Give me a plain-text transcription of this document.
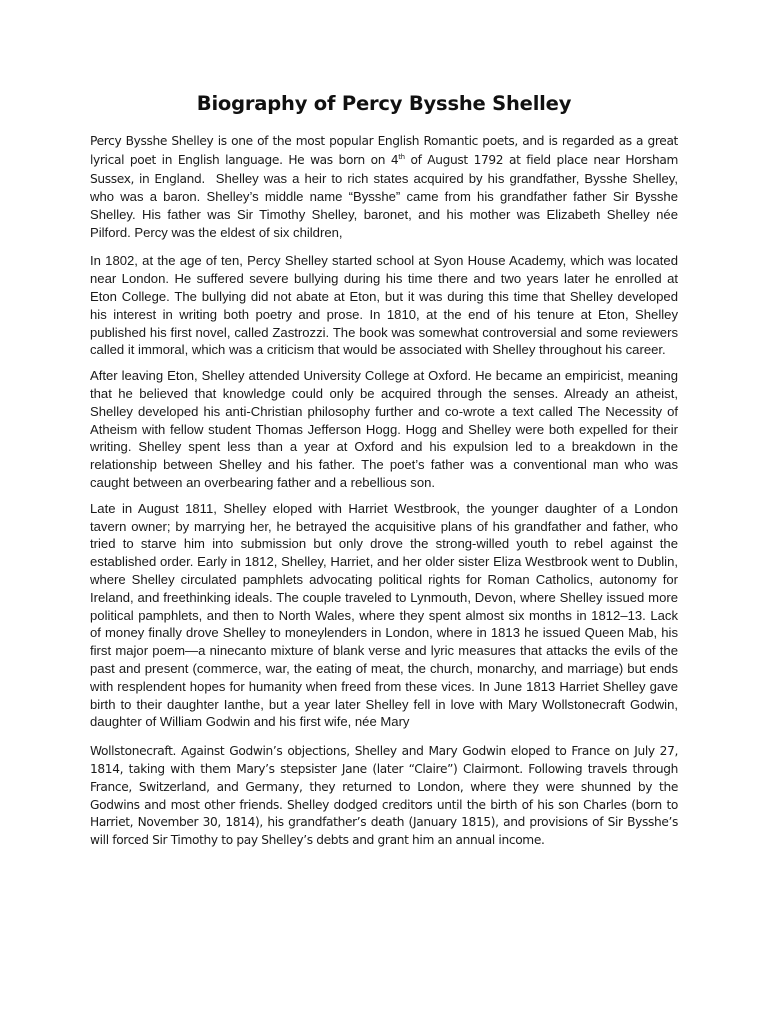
Biography of Percy Bysshe Shelley

Percy Bysshe Shelley is one of the most popular English Romantic poets, and is regarded as a great lyrical poet in English language. He was born on 4th of August 1792 at field place near Horsham Sussex, in England. Shelley was a heir to rich states acquired by his grandfather, Bysshe Shelley, who was a baron. Shelley’s middle name “Bysshe” came from his grandfather father Sir Bysshe Shelley. His father was Sir Timothy Shelley, baronet, and his mother was Elizabeth Shelley née Pilford. Percy was the eldest of six children,

In 1802, at the age of ten, Percy Shelley started school at Syon House Academy, which was located near London. He suffered severe bullying during his time there and two years later he enrolled at Eton College. The bullying did not abate at Eton, but it was during this time that Shelley developed his interest in writing both poetry and prose. In 1810, at the end of his tenure at Eton, Shelley published his first novel, called Zastrozzi. The book was somewhat controversial and some reviewers called it immoral, which was a criticism that would be associated with Shelley throughout his career.

After leaving Eton, Shelley attended University College at Oxford. He became an empiricist, meaning that he believed that knowledge could only be acquired through the senses. Already an atheist, Shelley developed his anti-Christian philosophy further and co-wrote a text called The Necessity of Atheism with fellow student Thomas Jefferson Hogg. Hogg and Shelley were both expelled for their writing. Shelley spent less than a year at Oxford and his expulsion led to a breakdown in the relationship between Shelley and his father. The poet’s father was a conventional man who was caught between an overbearing father and a rebellious son.

Late in August 1811, Shelley eloped with Harriet Westbrook, the younger daughter of a London tavern owner; by marrying her, he betrayed the acquisitive plans of his grandfather and father, who tried to starve him into submission but only drove the strong-willed youth to rebel against the established order. Early in 1812, Shelley, Harriet, and her older sister Eliza Westbrook went to Dublin, where Shelley circulated pamphlets advocating political rights for Roman Catholics, autonomy for Ireland, and freethinking ideals. The couple traveled to Lynmouth, Devon, where Shelley issued more political pamphlets, and then to North Wales, where they spent almost six months in 1812–13. Lack of money finally drove Shelley to moneylenders in London, where in 1813 he issued Queen Mab, his first major poem—a ninecanto mixture of blank verse and lyric measures that attacks the evils of the past and present (commerce, war, the eating of meat, the church, monarchy, and marriage) but ends with resplendent hopes for humanity when freed from these vices. In June 1813 Harriet Shelley gave birth to their daughter Ianthe, but a year later Shelley fell in love with Mary Wollstonecraft Godwin, daughter of William Godwin and his first wife, née Mary

Wollstonecraft. Against Godwin’s objections, Shelley and Mary Godwin eloped to France on July 27, 1814, taking with them Mary’s stepsister Jane (later “Claire”) Clairmont. Following travels through France, Switzerland, and Germany, they returned to London, where they were shunned by the Godwins and most other friends. Shelley dodged creditors until the birth of his son Charles (born to Harriet, November 30, 1814), his grandfather’s death (January 1815), and provisions of Sir Bysshe’s will forced Sir Timothy to pay Shelley’s debts and grant him an annual income.
